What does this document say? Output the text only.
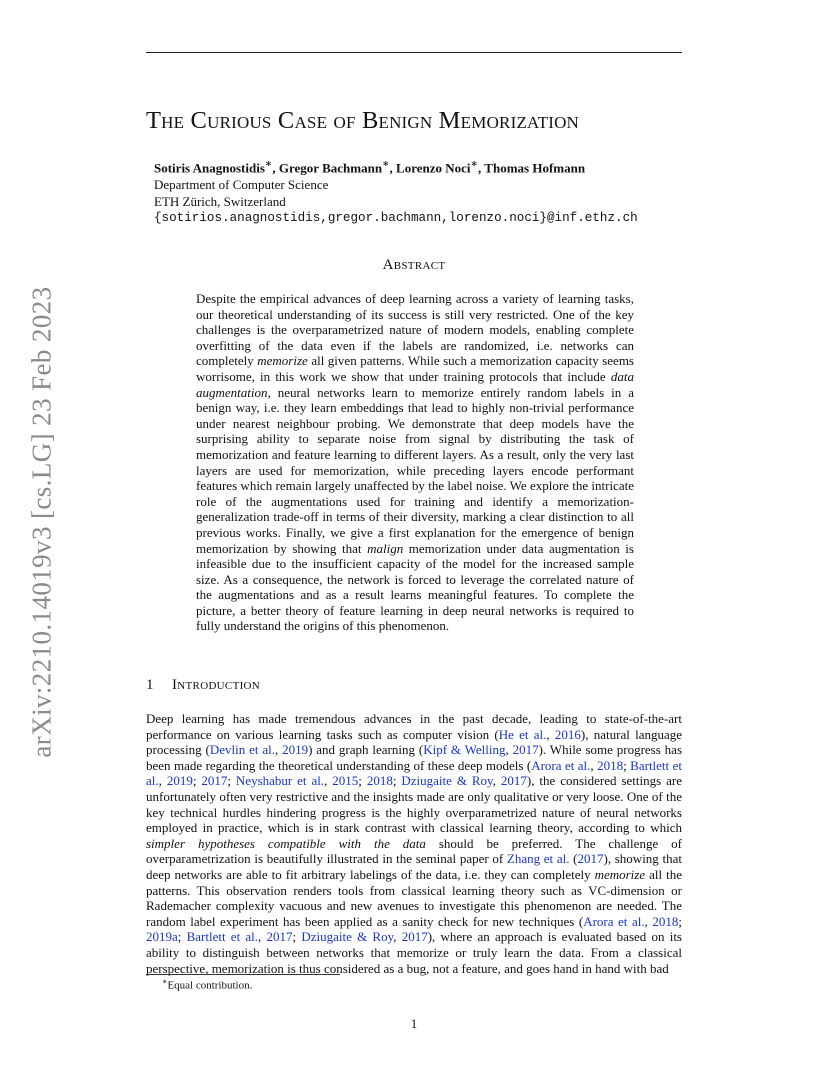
arXiv:2210.14019v3 [cs.LG] 23 Feb 2023
The Curious Case of Benign Memorization
Sotiris Anagnostidis∗, Gregor Bachmann∗, Lorenzo Noci∗, Thomas Hofmann
Department of Computer Science
ETH Zürich, Switzerland
{sotirios.anagnostidis,gregor.bachmann,lorenzo.noci}@inf.ethz.ch
Abstract

Despite the empirical advances of deep learning across a variety of learning tasks, our theoretical understanding of its success is still very restricted. One of the key challenges is the overparametrized nature of modern models, enabling complete overfitting of the data even if the labels are randomized, i.e. networks can completely memorize all given patterns. While such a memorization capacity seems worrisome, in this work we show that under training protocols that include data augmentation, neural networks learn to memorize entirely random labels in a benign way, i.e. they learn embeddings that lead to highly non-trivial performance under nearest neighbour probing. We demonstrate that deep models have the surprising ability to separate noise from signal by distributing the task of memorization and feature learning to different layers. As a result, only the very last layers are used for memorization, while preceding layers encode performant features which remain largely unaffected by the label noise. We explore the intricate role of the augmentations used for training and identify a memorization-generalization trade-off in terms of their diversity, marking a clear distinction to all previous works. Finally, we give a first explanation for the emergence of benign memorization by showing that malign memorization under data augmentation is infeasible due to the insufficient capacity of the model for the increased sample size. As a consequence, the network is forced to leverage the correlated nature of the augmentations and as a result learns meaningful features. To complete the picture, a better theory of feature learning in deep neural networks is required to fully understand the origins of this phenomenon.

1 Introduction

Deep learning has made tremendous advances in the past decade, leading to state-of-the-art performance on various learning tasks such as computer vision (He et al., 2016), natural language processing (Devlin et al., 2019) and graph learning (Kipf & Welling, 2017). While some progress has been made regarding the theoretical understanding of these deep models (Arora et al., 2018; Bartlett et al., 2019; 2017; Neyshabur et al., 2015; 2018; Dziugaite & Roy, 2017), the considered settings are unfortunately often very restrictive and the insights made are only qualitative or very loose. One of the key technical hurdles hindering progress is the highly overparametrized nature of neural networks employed in practice, which is in stark contrast with classical learning theory, according to which simpler hypotheses compatible with the data should be preferred. The challenge of overparametrization is beautifully illustrated in the seminal paper of Zhang et al. (2017), showing that deep networks are able to fit arbitrary labelings of the data, i.e. they can completely memorize all the patterns. This observation renders tools from classical learning theory such as VC-dimension or Rademacher complexity vacuous and new avenues to investigate this phenomenon are needed. The random label experiment has been applied as a sanity check for new techniques (Arora et al., 2018; 2019a; Bartlett et al., 2017; Dziugaite & Roy, 2017), where an approach is evaluated based on its ability to distinguish between networks that memorize or truly learn the data. From a classical perspective, memorization is thus considered as a bug, not a feature, and goes hand in hand with bad

∗Equal contribution.
1
